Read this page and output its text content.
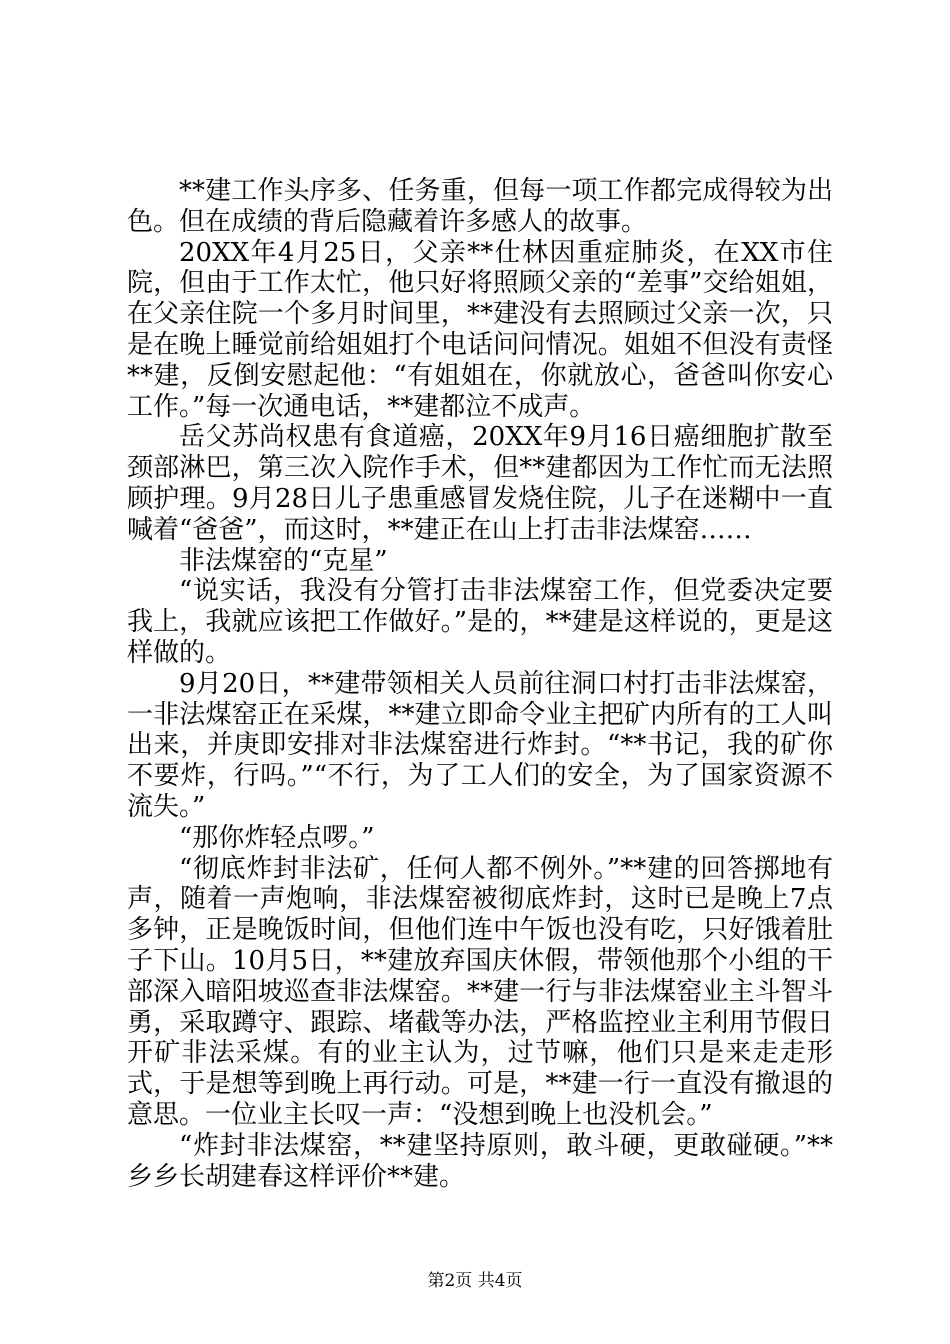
**建工作头序多、任务重，但每一项工作都完成得较为出色。但在成绩的背后隐藏着许多感人的故事。

20XX年4月25日，父亲**仕林因重症肺炎，在XX市住院，但由于工作太忙，他只好将照顾父亲的“差事”交给姐姐，在父亲住院一个多月时间里，**建没有去照顾过父亲一次，只是在晚上睡觉前给姐姐打个电话问问情况。姐姐不但没有责怪**建，反倒安慰起他：“有姐姐在，你就放心，爸爸叫你安心工作。”每一次通电话，**建都泣不成声。

岳父苏尚权患有食道癌，20XX年9月16日癌细胞扩散至颈部淋巴，第三次入院作手术，但**建都因为工作忙而无法照顾护理。9月28日儿子患重感冒发烧住院，儿子在迷糊中一直喊着“爸爸”，而这时，**建正在山上打击非法煤窑……

非法煤窑的“克星”

“说实话，我没有分管打击非法煤窑工作，但党委决定要我上，我就应该把工作做好。”是的，**建是这样说的，更是这样做的。

9月20日，**建带领相关人员前往洞口村打击非法煤窑，一非法煤窑正在采煤，**建立即命令业主把矿内所有的工人叫出来，并庚即安排对非法煤窑进行炸封。“**书记，我的矿你不要炸，行吗。”“不行，为了工人们的安全，为了国家资源不流失。”

“那你炸轻点啰。”

“彻底炸封非法矿，任何人都不例外。”**建的回答掷地有声，随着一声炮响，非法煤窑被彻底炸封，这时已是晚上7点多钟，正是晚饭时间，但他们连中午饭也没有吃，只好饿着肚子下山。10月5日，**建放弃国庆休假，带领他那个小组的干部深入暗阳坡巡查非法煤窑。**建一行与非法煤窑业主斗智斗勇，采取蹲守、跟踪、堵截等办法，严格监控业主利用节假日开矿非法采煤。有的业主认为，过节嘛，他们只是来走走形式，于是想等到晚上再行动。可是，**建一行一直没有撤退的意思。一位业主长叹一声：“没想到晚上也没机会。”

“炸封非法煤窑，**建坚持原则，敢斗硬，更敢碰硬。”**乡乡长胡建春这样评价**建。

第2页 共4页
